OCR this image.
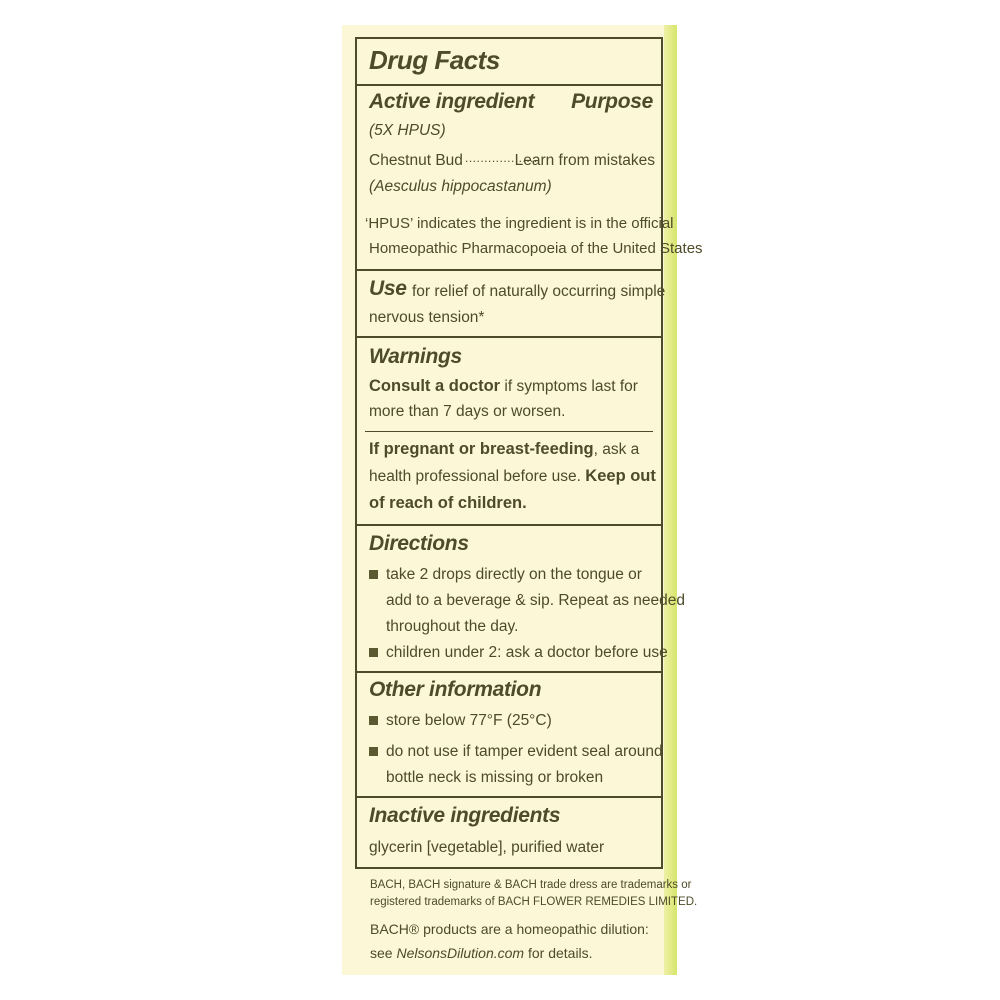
Drug Facts
Active ingredient Purpose
(5X HPUS)
Chestnut Bud ...................
Learn from mistakes
(Aesculus hippocastanum)
‘HPUS’ indicates the ingredient is in the official
Homeopathic Pharmacopoeia of the United States
Use for relief of naturally occurring simple
nervous tension*
Warnings
Consult a doctor if symptoms last for
more than 7 days or worsen.
If pregnant or breast-feeding, ask a
health professional before use. Keep out
of reach of children.
Directions
take 2 drops directly on the tongue or
add to a beverage & sip. Repeat as needed
throughout the day.
children under 2: ask a doctor before use
Other information
store below 77°F (25°C)
do not use if tamper evident seal around
bottle neck is missing or broken
Inactive ingredients
glycerin [vegetable], purified water
BACH, BACH signature & BACH trade dress are trademarks or
registered trademarks of BACH FLOWER REMEDIES LIMITED.
BACH® products are a homeopathic dilution:
see NelsonsDilution.com for details.
